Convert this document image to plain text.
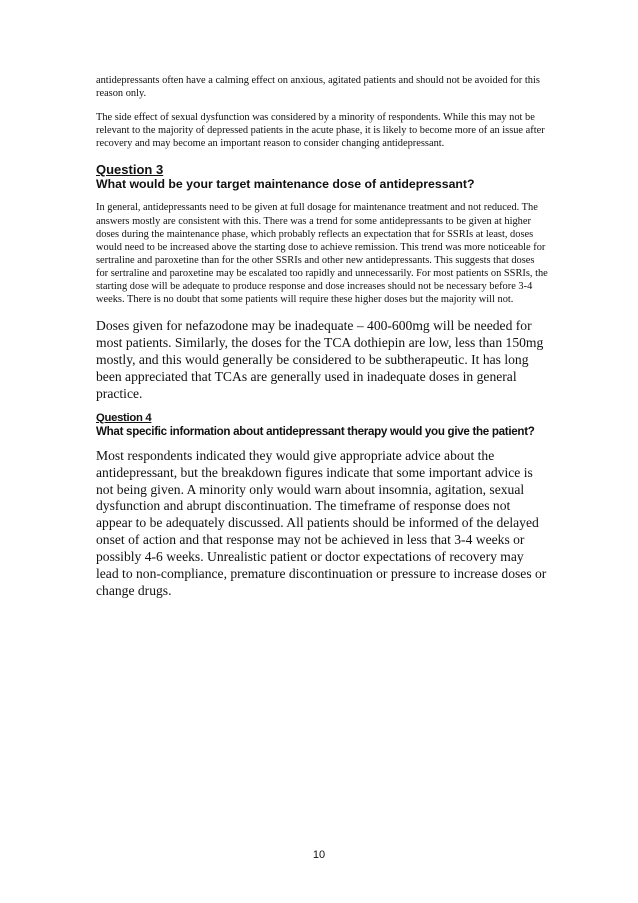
antidepressants often have a calming effect on anxious, agitated patients and should not be avoided for this reason only.

The side effect of sexual dysfunction was considered by a minority of respondents. While this may not be relevant to the majority of depressed patients in the acute phase, it is likely to become more of an issue after recovery and may become an important reason to consider changing antidepressant.

Question 3
What would be your target maintenance dose of antidepressant?

In general, antidepressants need to be given at full dosage for maintenance treatment and not reduced. The answers mostly are consistent with this. There was a trend for some antidepressants to be given at higher doses during the maintenance phase, which probably reflects an expectation that for SSRIs at least, doses would need to be increased above the starting dose to achieve remission. This trend was more noticeable for sertraline and paroxetine than for the other SSRIs and other new antidepressants. This suggests that doses for sertraline and paroxetine may be escalated too rapidly and unnecessarily. For most patients on SSRIs, the starting dose will be adequate to produce response and dose increases should not be necessary before 3-4 weeks. There is no doubt that some patients will require these higher doses but the majority will not.

Doses given for nefazodone may be inadequate – 400-600mg will be needed for most patients. Similarly, the doses for the TCA dothiepin are low, less than 150mg mostly, and this would generally be considered to be subtherapeutic. It has long been appreciated that TCAs are generally used in inadequate doses in general practice.

Question 4
What specific information about antidepressant therapy would you give the patient?

Most respondents indicated they would give appropriate advice about the antidepressant, but the breakdown figures indicate that some important advice is not being given. A minority only would warn about insomnia, agitation, sexual dysfunction and abrupt discontinuation. The timeframe of response does not appear to be adequately discussed. All patients should be informed of the delayed onset of action and that response may not be achieved in less that 3-4 weeks or possibly 4-6 weeks. Unrealistic patient or doctor expectations of recovery may lead to non-compliance, premature discontinuation or pressure to increase doses or change drugs.

10
